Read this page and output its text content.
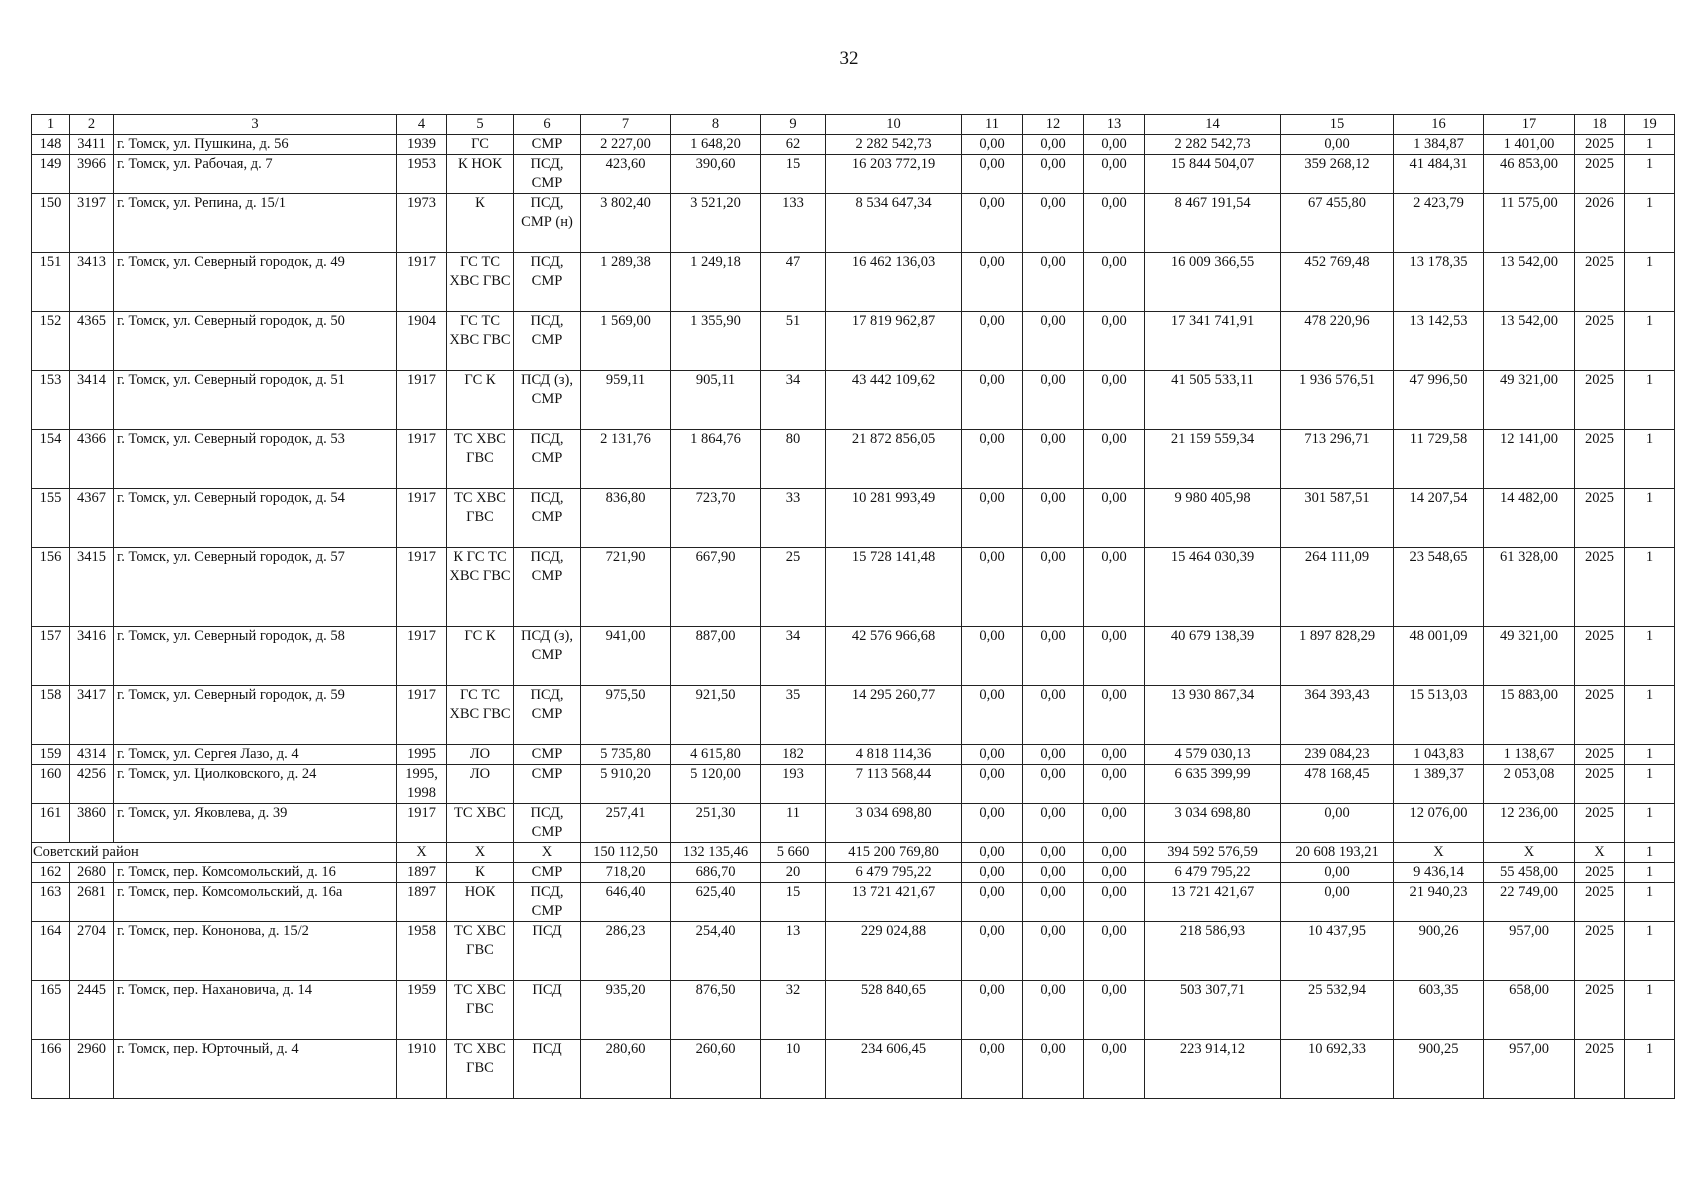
32
1	2	3	4	5	6	7	8	9	10	11	12	13	14	15	16	17	18	19
148	3411	г. Томск, ул. Пушкина, д. 56	1939	ГС	СМР	2 227,00	1 648,20	62	2 282 542,73	0,00	0,00	0,00	2 282 542,73	0,00	1 384,87	1 401,00	2025	1
149	3966	г. Томск, ул. Рабочая, д. 7	1953	К НОК	ПСД, СМР	423,60	390,60	15	16 203 772,19	0,00	0,00	0,00	15 844 504,07	359 268,12	41 484,31	46 853,00	2025	1
150	3197	г. Томск, ул. Репина, д. 15/1	1973	К	ПСД, СМР (н)	3 802,40	3 521,20	133	8 534 647,34	0,00	0,00	0,00	8 467 191,54	67 455,80	2 423,79	11 575,00	2026	1
151	3413	г. Томск, ул. Северный городок, д. 49	1917	ГС ТС ХВС ГВС	ПСД, СМР	1 289,38	1 249,18	47	16 462 136,03	0,00	0,00	0,00	16 009 366,55	452 769,48	13 178,35	13 542,00	2025	1
152	4365	г. Томск, ул. Северный городок, д. 50	1904	ГС ТС ХВС ГВС	ПСД, СМР	1 569,00	1 355,90	51	17 819 962,87	0,00	0,00	0,00	17 341 741,91	478 220,96	13 142,53	13 542,00	2025	1
153	3414	г. Томск, ул. Северный городок, д. 51	1917	ГС К	ПСД (з), СМР	959,11	905,11	34	43 442 109,62	0,00	0,00	0,00	41 505 533,11	1 936 576,51	47 996,50	49 321,00	2025	1
154	4366	г. Томск, ул. Северный городок, д. 53	1917	ТС ХВС ГВС	ПСД, СМР	2 131,76	1 864,76	80	21 872 856,05	0,00	0,00	0,00	21 159 559,34	713 296,71	11 729,58	12 141,00	2025	1
155	4367	г. Томск, ул. Северный городок, д. 54	1917	ТС ХВС ГВС	ПСД, СМР	836,80	723,70	33	10 281 993,49	0,00	0,00	0,00	9 980 405,98	301 587,51	14 207,54	14 482,00	2025	1
156	3415	г. Томск, ул. Северный городок, д. 57	1917	К ГС ТС ХВС ГВС	ПСД, СМР	721,90	667,90	25	15 728 141,48	0,00	0,00	0,00	15 464 030,39	264 111,09	23 548,65	61 328,00	2025	1
157	3416	г. Томск, ул. Северный городок, д. 58	1917	ГС К	ПСД (з), СМР	941,00	887,00	34	42 576 966,68	0,00	0,00	0,00	40 679 138,39	1 897 828,29	48 001,09	49 321,00	2025	1
158	3417	г. Томск, ул. Северный городок, д. 59	1917	ГС ТС ХВС ГВС	ПСД, СМР	975,50	921,50	35	14 295 260,77	0,00	0,00	0,00	13 930 867,34	364 393,43	15 513,03	15 883,00	2025	1
159	4314	г. Томск, ул. Сергея Лазо, д. 4	1995	ЛО	СМР	5 735,80	4 615,80	182	4 818 114,36	0,00	0,00	0,00	4 579 030,13	239 084,23	1 043,83	1 138,67	2025	1
160	4256	г. Томск, ул. Циолковского, д. 24	1995, 1998	ЛО	СМР	5 910,20	5 120,00	193	7 113 568,44	0,00	0,00	0,00	6 635 399,99	478 168,45	1 389,37	2 053,08	2025	1
161	3860	г. Томск, ул. Яковлева, д. 39	1917	ТС ХВС	ПСД, СМР	257,41	251,30	11	3 034 698,80	0,00	0,00	0,00	3 034 698,80	0,00	12 076,00	12 236,00	2025	1
Советский район			Х	Х	Х	150 112,50	132 135,46	5 660	415 200 769,80	0,00	0,00	0,00	394 592 576,59	20 608 193,21	Х	Х	Х	1
162	2680	г. Томск, пер. Комсомольский, д. 16	1897	К	СМР	718,20	686,70	20	6 479 795,22	0,00	0,00	0,00	6 479 795,22	0,00	9 436,14	55 458,00	2025	1
163	2681	г. Томск, пер. Комсомольский, д. 16а	1897	НОК	ПСД, СМР	646,40	625,40	15	13 721 421,67	0,00	0,00	0,00	13 721 421,67	0,00	21 940,23	22 749,00	2025	1
164	2704	г. Томск, пер. Кононова, д. 15/2	1958	ТС ХВС ГВС	ПСД	286,23	254,40	13	229 024,88	0,00	0,00	0,00	218 586,93	10 437,95	900,26	957,00	2025	1
165	2445	г. Томск, пер. Нахановича, д. 14	1959	ТС ХВС ГВС	ПСД	935,20	876,50	32	528 840,65	0,00	0,00	0,00	503 307,71	25 532,94	603,35	658,00	2025	1
166	2960	г. Томск, пер. Юрточный, д. 4	1910	ТС ХВС ГВС	ПСД	280,60	260,60	10	234 606,45	0,00	0,00	0,00	223 914,12	10 692,33	900,25	957,00	2025	1
